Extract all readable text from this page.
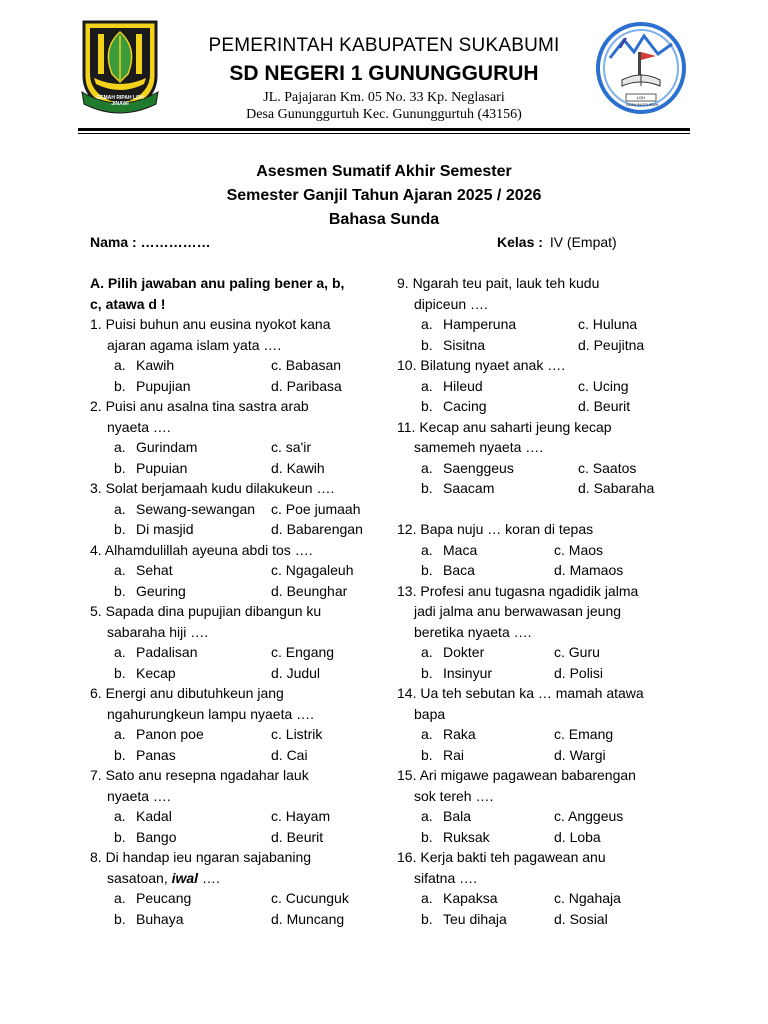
GEMAH RIPAH LOH JINAWI
LOH GUNUNGGURUH
PEMERINTAH KABUPATEN SUKABUMI
SD NEGERI 1 GUNUNGGURUH
JL. Pajajaran Km. 05 No. 33 Kp. Neglasari
Desa Gununggurtuh Kec. Gununggurtuh (43156)
Asesmen Sumatif Akhir Semester
Semester Ganjil Tahun Ajaran 2025 / 2026
Bahasa Sunda
Nama : ……………	Kelas : IV (Empat)
A. Pilih jawaban anu paling bener a, b,
c, atawa d !
1. Puisi buhun anu eusina nyokot kana
ajaran agama islam yata ….
a. Kawih	c. Babasan
b. Pupujian	d. Paribasa
2. Puisi anu asalna tina sastra arab
nyaeta ….
a. Gurindam	c. sa'ir
b. Pupuian	d. Kawih
3. Solat berjamaah kudu dilakukeun ….
a. Sewang-sewangan c. Poe jumaah
b. Di masjid	d. Babarengan
4. Alhamdulillah ayeuna abdi tos ….
a. Sehat	c. Ngagaleuh
b. Geuring	d. Beunghar
5. Sapada dina pupujian dibangun ku
sabaraha hiji ….
a. Padalisan	c. Engang
b. Kecap	d. Judul
6. Energi anu dibutuhkeun jang
ngahurungkeun lampu nyaeta ….
a. Panon poe	c. Listrik
b. Panas	d. Cai
7. Sato anu resepna ngadahar lauk
nyaeta ….
a. Kadal	c. Hayam
b. Bango	d. Beurit
8. Di handap ieu ngaran sajabaning
sasatoan, iwal ….
a. Peucang	c. Cucunguk
b. Buhaya	d. Muncang
9. Ngarah teu pait, lauk teh kudu
dipiceun ….
a. Hamperuna	c. Huluna
b. Sisitna	d. Peujitna
10. Bilatung nyaet anak ….
a. Hileud	c. Ucing
b. Cacing	d. Beurit
11. Kecap anu saharti jeung kecap
samemeh nyaeta ….
a. Saenggeus	c. Saatos
b. Saacam	d. Sabaraha
12. Bapa nuju … koran di tepas
a. Maca	c. Maos
b. Baca	d. Mamaos
13. Profesi anu tugasna ngadidik jalma
jadi jalma anu berwawasan jeung
beretika nyaeta ….
a. Dokter	c. Guru
b. Insinyur	d. Polisi
14. Ua teh sebutan ka … mamah atawa
bapa
a. Raka	c. Emang
b. Rai	d. Wargi
15. Ari migawe pagawean babarengan
sok tereh ….
a. Bala	c. Anggeus
b. Ruksak	d. Loba
16. Kerja bakti teh pagawean anu
sifatna ….
a. Kapaksa	c. Ngahaja
b. Teu dihaja	d. Sosial
